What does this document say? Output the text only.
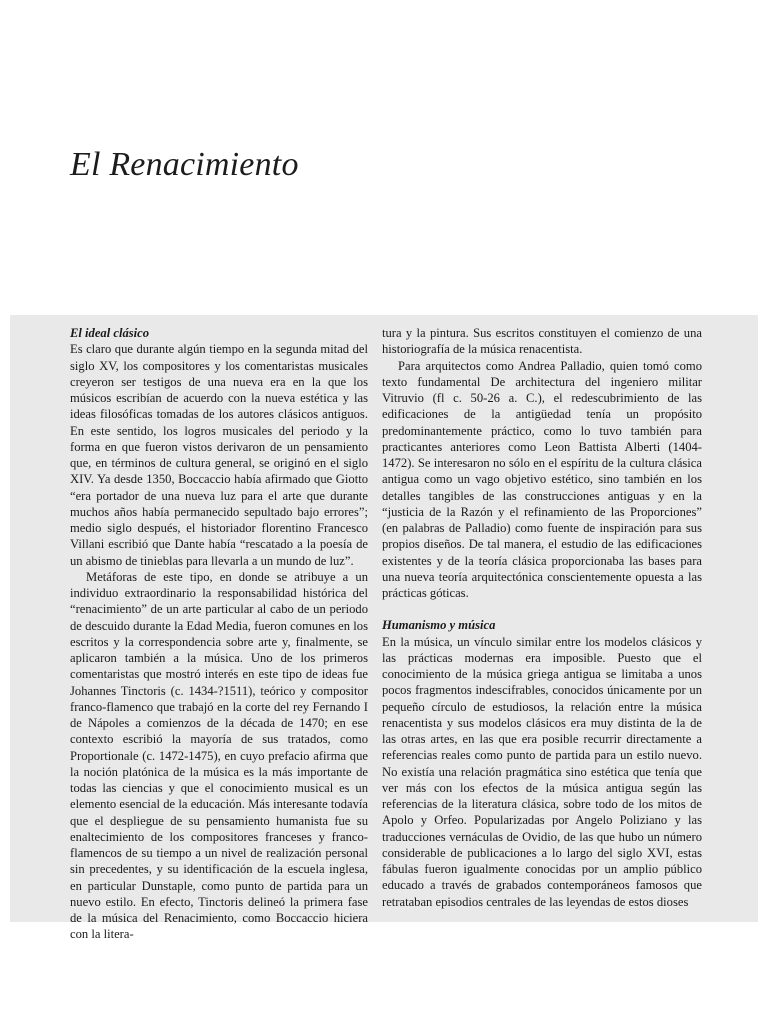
El Renacimiento
El ideal clásico

Es claro que durante algún tiempo en la segunda mitad del siglo XV, los compositores y los comentaristas musicales creyeron ser testigos de una nueva era en la que los músicos escribían de acuerdo con la nueva estética y las ideas filosóficas tomadas de los autores clásicos antiguos. En este sentido, los logros musicales del periodo y la forma en que fueron vistos derivaron de un pensamiento que, en términos de cultura general, se originó en el siglo XIV. Ya desde 1350, Boccaccio había afirmado que Giotto “era portador de una nueva luz para el arte que durante muchos años había permanecido sepultado bajo errores”; medio siglo después, el historiador florentino Francesco Villani escribió que Dante había “rescatado a la poesía de un abismo de tinieblas para llevarla a un mundo de luz”.

Metáforas de este tipo, en donde se atribuye a un individuo extraordinario la responsabilidad histórica del “renacimiento” de un arte particular al cabo de un periodo de descuido durante la Edad Media, fueron comunes en los escritos y la correspondencia sobre arte y, finalmente, se aplicaron también a la música. Uno de los primeros comentaristas que mostró interés en este tipo de ideas fue Johannes Tinctoris (c. 1434-?1511), teórico y compositor franco-flamenco que trabajó en la corte del rey Fernando I de Nápoles a comienzos de la década de 1470; en ese contexto escribió la mayoría de sus tratados, como Proportionale (c. 1472-1475), en cuyo prefacio afirma que la noción platónica de la música es la más importante de todas las ciencias y que el conocimiento musical es un elemento esencial de la educación. Más interesante todavía que el despliegue de su pensamiento humanista fue su enaltecimiento de los compositores franceses y franco-flamencos de su tiempo a un nivel de realización personal sin precedentes, y su identificación de la escuela inglesa, en particular Dunstaple, como punto de partida para un nuevo estilo. En efecto, Tinctoris delineó la primera fase de la música del Renacimiento, como Boccaccio hiciera con la litera-

tura y la pintura. Sus escritos constituyen el comienzo de una historiografía de la música renacentista.

Para arquitectos como Andrea Palladio, quien tomó como texto fundamental De architectura del ingeniero militar Vitruvio (fl c. 50-26 a. C.), el redescubrimiento de las edificaciones de la antigüedad tenía un propósito predominantemente práctico, como lo tuvo también para practicantes anteriores como Leon Battista Alberti (1404-1472). Se interesaron no sólo en el espíritu de la cultura clásica antigua como un vago objetivo estético, sino también en los detalles tangibles de las construcciones antiguas y en la “justicia de la Razón y el refinamiento de las Proporciones” (en palabras de Palladio) como fuente de inspiración para sus propios diseños. De tal manera, el estudio de las edificaciones existentes y de la teoría clásica proporcionaba las bases para una nueva teoría arquitectónica conscientemente opuesta a las prácticas góticas.

Humanismo y música

En la música, un vínculo similar entre los modelos clásicos y las prácticas modernas era imposible. Puesto que el conocimiento de la música griega antigua se limitaba a unos pocos fragmentos indescifrables, conocidos únicamente por un pequeño círculo de estudiosos, la relación entre la música renacentista y sus modelos clásicos era muy distinta de la de las otras artes, en las que era posible recurrir directamente a referencias reales como punto de partida para un estilo nuevo. No existía una relación pragmática sino estética que tenía que ver más con los efectos de la música antigua según las referencias de la literatura clásica, sobre todo de los mitos de Apolo y Orfeo. Popularizadas por Angelo Poliziano y las traducciones vernáculas de Ovidio, de las que hubo un número considerable de publicaciones a lo largo del siglo XVI, estas fábulas fueron igualmente conocidas por un amplio público educado a través de grabados contemporáneos famosos que retrataban episodios centrales de las leyendas de estos dioses
